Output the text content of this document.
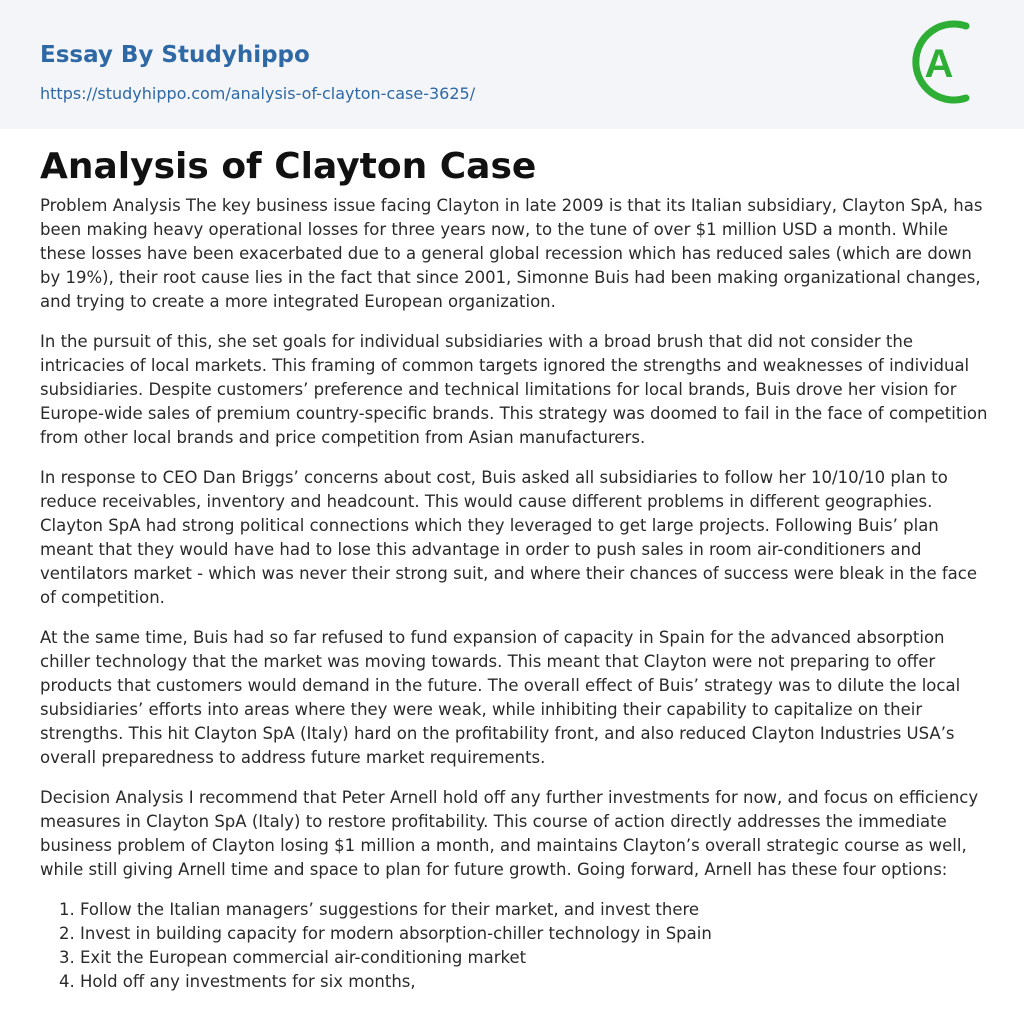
Essay By Studyhippo
https://studyhippo.com/analysis-of-clayton-case-3625/
A
Analysis of Clayton Case

Problem Analysis The key business issue facing Clayton in late 2009 is that its Italian subsidiary, Clayton SpA, has been making heavy operational losses for three years now, to the tune of over $1 million USD a month. While these losses have been exacerbated due to a general global recession which has reduced sales (which are down by 19%), their root cause lies in the fact that since 2001, Simonne Buis had been making organizational changes, and trying to create a more integrated European organization.

In the pursuit of this, she set goals for individual subsidiaries with a broad brush that did not consider the intricacies of local markets. This framing of common targets ignored the strengths and weaknesses of individual subsidiaries. Despite customers’ preference and technical limitations for local brands, Buis drove her vision for Europe-wide sales of premium country-specific brands. This strategy was doomed to fail in the face of competition from other local brands and price competition from Asian manufacturers.

In response to CEO Dan Briggs’ concerns about cost, Buis asked all subsidiaries to follow her 10/10/10 plan to reduce receivables, inventory and headcount. This would cause different problems in different geographies. Clayton SpA had strong political connections which they leveraged to get large projects. Following Buis’ plan meant that they would have had to lose this advantage in order to push sales in room air-conditioners and ventilators market - which was never their strong suit, and where their chances of success were bleak in the face of competition.

At the same time, Buis had so far refused to fund expansion of capacity in Spain for the advanced absorption chiller technology that the market was moving towards. This meant that Clayton were not preparing to offer products that customers would demand in the future. The overall effect of Buis’ strategy was to dilute the local subsidiaries’ efforts into areas where they were weak, while inhibiting their capability to capitalize on their strengths. This hit Clayton SpA (Italy) hard on the profitability front, and also reduced Clayton Industries USA’s overall preparedness to address future market requirements.

Decision Analysis I recommend that Peter Arnell hold off any further investments for now, and focus on efficiency measures in Clayton SpA (Italy) to restore profitability. This course of action directly addresses the immediate business problem of Clayton losing $1 million a month, and maintains Clayton’s overall strategic course as well, while still giving Arnell time and space to plan for future growth. Going forward, Arnell has these four options:

1. Follow the Italian managers’ suggestions for their market, and invest there
2. Invest in building capacity for modern absorption-chiller technology in Spain
3. Exit the European commercial air-conditioning market
4. Hold off any investments for six months,
